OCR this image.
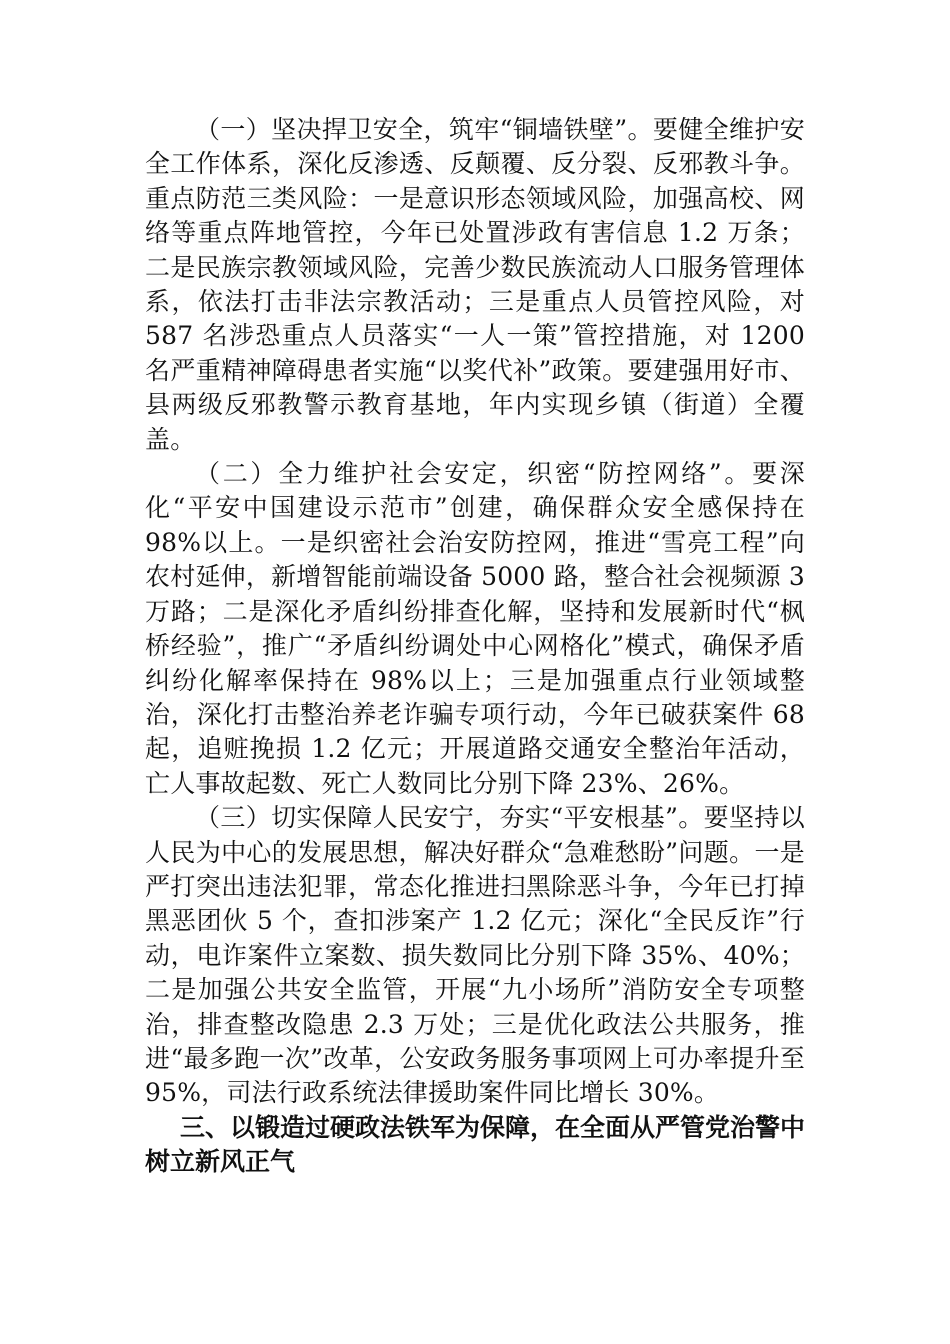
（一）坚决捍卫安全，筑牢“铜墙铁壁”。要健全维护安全工作体系，深化反渗透、反颠覆、反分裂、反邪教斗争。重点防范三类风险：一是意识形态领域风险，加强高校、网络等重点阵地管控，今年已处置涉政有害信息 1.2 万条；二是民族宗教领域风险，完善少数民族流动人口服务管理体系，依法打击非法宗教活动；三是重点人员管控风险，对 587 名涉恐重点人员落实“一人一策”管控措施，对 1200 名严重精神障碍患者实施“以奖代补”政策。要建强用好市、县两级反邪教警示教育基地，年内实现乡镇（街道）全覆盖。

（二）全力维护社会安定，织密“防控网络”。要深化“平安中国建设示范市”创建，确保群众安全感保持在 98%以上。一是织密社会治安防控网，推进“雪亮工程”向农村延伸，新增智能前端设备 5000 路，整合社会视频源 3 万路；二是深化矛盾纠纷排查化解，坚持和发展新时代“枫桥经验”，推广“矛盾纠纷调处中心网格化”模式，确保矛盾纠纷化解率保持在 98%以上；三是加强重点行业领域整治，深化打击整治养老诈骗专项行动，今年已破获案件 68 起，追赃挽损 1.2 亿元；开展道路交通安全整治年活动，亡人事故起数、死亡人数同比分别下降 23%、26%。

（三）切实保障人民安宁，夯实“平安根基”。要坚持以人民为中心的发展思想，解决好群众“急难愁盼”问题。一是严打突出违法犯罪，常态化推进扫黑除恶斗争，今年已打掉黑恶团伙 5 个，查扣涉案产 1.2 亿元；深化“全民反诈”行动，电诈案件立案数、损失数同比分别下降 35%、40%；二是加强公共安全监管，开展“九小场所”消防安全专项整治，排查整改隐患 2.3 万处；三是优化政法公共服务，推进“最多跑一次”改革，公安政务服务事项网上可办率提升至 95%，司法行政系统法律援助案件同比增长 30%。

三、以锻造过硬政法铁军为保障，在全面从严管党治警中树立新风正气
